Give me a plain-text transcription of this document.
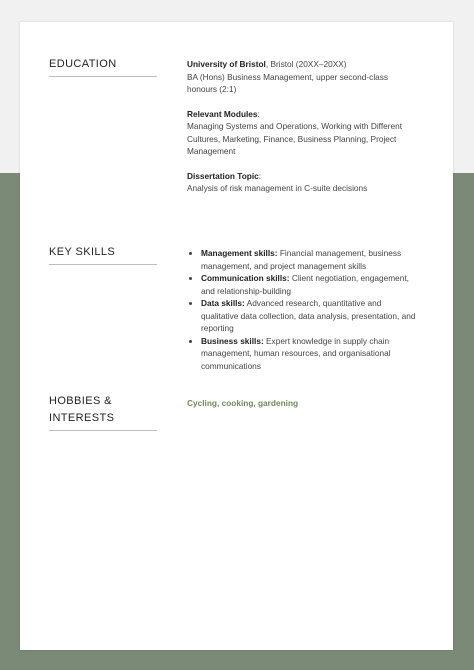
EDUCATION	University of Bristol, Bristol (20XX–20XX)

BA (Hons) Business Management, upper second-class honours (2:1)

Relevant Modules:

Managing Systems and Operations, Working with Different Cultures, Marketing, Finance, Business Planning, Project Management

Dissertation Topic:

Analysis of risk management in C-suite decisions

KEY SKILLS
•	Management skills: Financial management, business management, and project management skills
• Communication skills: Client negotiation, engagement, and relationship-building
• Data skills: Advanced research, quantitative and qualitative data collection, data analysis, presentation, and reporting
• Business skills: Expert knowledge in supply chain management, human resources, and organisational communications
HOBBIES & INTERESTS
Cycling, cooking, gardening
